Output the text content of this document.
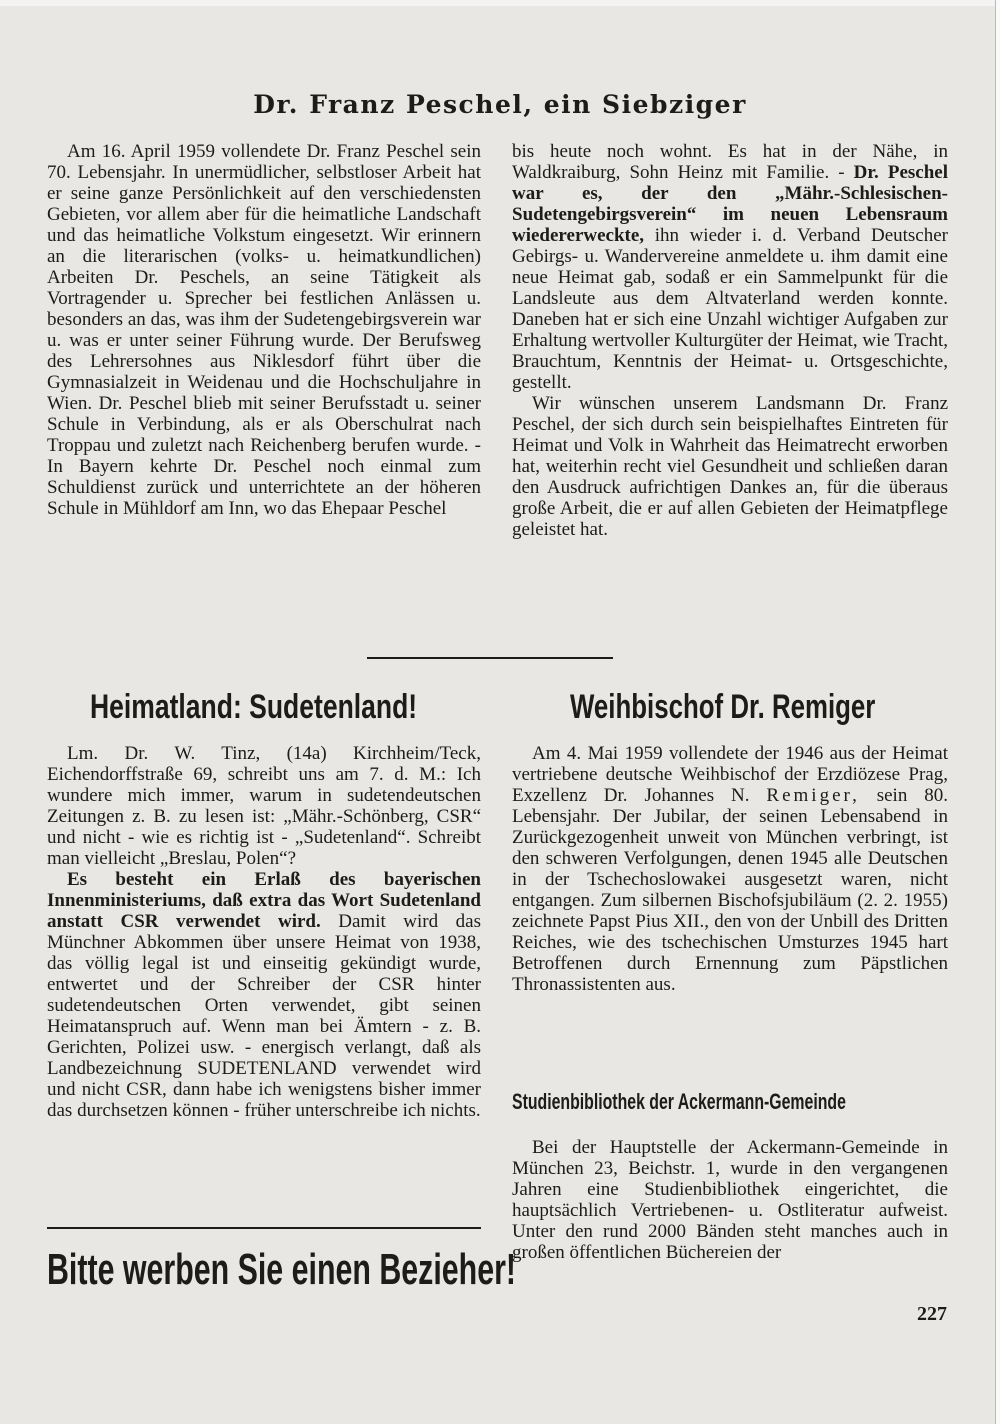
Dr. Franz Peschel, ein Siebziger

Am 16. April 1959 vollendete Dr. Franz Peschel sein 70. Lebensjahr. In unermüdlicher, selbstloser Arbeit hat er seine ganze Persönlichkeit auf den verschiedensten Gebieten, vor allem aber für die heimatliche Landschaft und das heimatliche Volkstum eingesetzt. Wir erinnern an die literarischen (volks- u. heimatkundlichen) Arbeiten Dr. Peschels, an seine Tätigkeit als Vortragender u. Sprecher bei festlichen Anlässen u. besonders an das, was ihm der Sudetengebirgsverein war u. was er unter seiner Führung wurde. Der Berufsweg des Lehrersohnes aus Niklesdorf führt über die Gymnasialzeit in Weidenau und die Hochschuljahre in Wien. Dr. Peschel blieb mit seiner Berufsstadt u. seiner Schule in Verbindung, als er als Oberschulrat nach Troppau und zuletzt nach Reichenberg berufen wurde. - In Bayern kehrte Dr. Peschel noch einmal zum Schuldienst zurück und unterrichtete an der höheren Schule in Mühldorf am Inn, wo das Ehepaar Peschel

bis heute noch wohnt. Es hat in der Nähe, in Waldkraiburg, Sohn Heinz mit Familie. - Dr. Peschel war es, der den „Mähr.-Schlesischen-Sudetengebirgsverein“ im neuen Lebensraum wiedererweckte, ihn wieder i. d. Verband Deutscher Gebirgs- u. Wandervereine anmeldete u. ihm damit eine neue Heimat gab, sodaß er ein Sammelpunkt für die Landsleute aus dem Altvaterland werden konnte. Daneben hat er sich eine Unzahl wichtiger Aufgaben zur Erhaltung wertvoller Kulturgüter der Heimat, wie Tracht, Brauchtum, Kenntnis der Heimat- u. Ortsgeschichte, gestellt.

Wir wünschen unserem Landsmann Dr. Franz Peschel, der sich durch sein beispielhaftes Eintreten für Heimat und Volk in Wahrheit das Heimatrecht erworben hat, weiterhin recht viel Gesundheit und schließen daran den Ausdruck aufrichtigen Dankes an, für die überaus große Arbeit, die er auf allen Gebieten der Heimatpflege geleistet hat.

Heimatland: Sudetenland!

Lm. Dr. W. Tinz, (14a) Kirchheim/Teck, Eichendorffstraße 69, schreibt uns am 7. d. M.: Ich wundere mich immer, warum in sudetendeutschen Zeitungen z. B. zu lesen ist: „Mähr.-Schönberg, CSR“ und nicht - wie es richtig ist - „Sudetenland“. Schreibt man vielleicht „Breslau, Polen“?

Es besteht ein Erlaß des bayerischen Innenministeriums, daß extra das Wort Sudetenland anstatt CSR verwendet wird. Damit wird das Münchner Abkommen über unsere Heimat von 1938, das völlig legal ist und einseitig gekündigt wurde, entwertet und der Schreiber der CSR hinter sudetendeutschen Orten verwendet, gibt seinen Heimatanspruch auf. Wenn man bei Ämtern - z. B. Gerichten, Polizei usw. - energisch verlangt, daß als Landbezeichnung SUDETENLAND verwendet wird und nicht CSR, dann habe ich wenigstens bisher immer das durchsetzen können - früher unterschreibe ich nichts.

Bitte werben Sie einen Bezieher!
Weihbischof Dr. Remiger

Am 4. Mai 1959 vollendete der 1946 aus der Heimat vertriebene deutsche Weihbischof der Erzdiözese Prag, Exzellenz Dr. Johannes N. Remiger, sein 80. Lebensjahr. Der Jubilar, der seinen Lebensabend in Zurückgezogenheit unweit von München verbringt, ist den schweren Verfolgungen, denen 1945 alle Deutschen in der Tschechoslowakei ausgesetzt waren, nicht entgangen. Zum silbernen Bischofsjubiläum (2. 2. 1955) zeichnete Papst Pius XII., den von der Unbill des Dritten Reiches, wie des tschechischen Umsturzes 1945 hart Betroffenen durch Ernennung zum Päpstlichen Thronassistenten aus.

Studienbibliothek der Ackermann-Gemeinde

Bei der Hauptstelle der Ackermann-Gemeinde in München 23, Beichstr. 1, wurde in den vergangenen Jahren eine Studienbibliothek eingerichtet, die hauptsächlich Vertriebenen- u. Ostliteratur aufweist. Unter den rund 2000 Bänden steht manches auch in großen öffentlichen Büchereien der

227
